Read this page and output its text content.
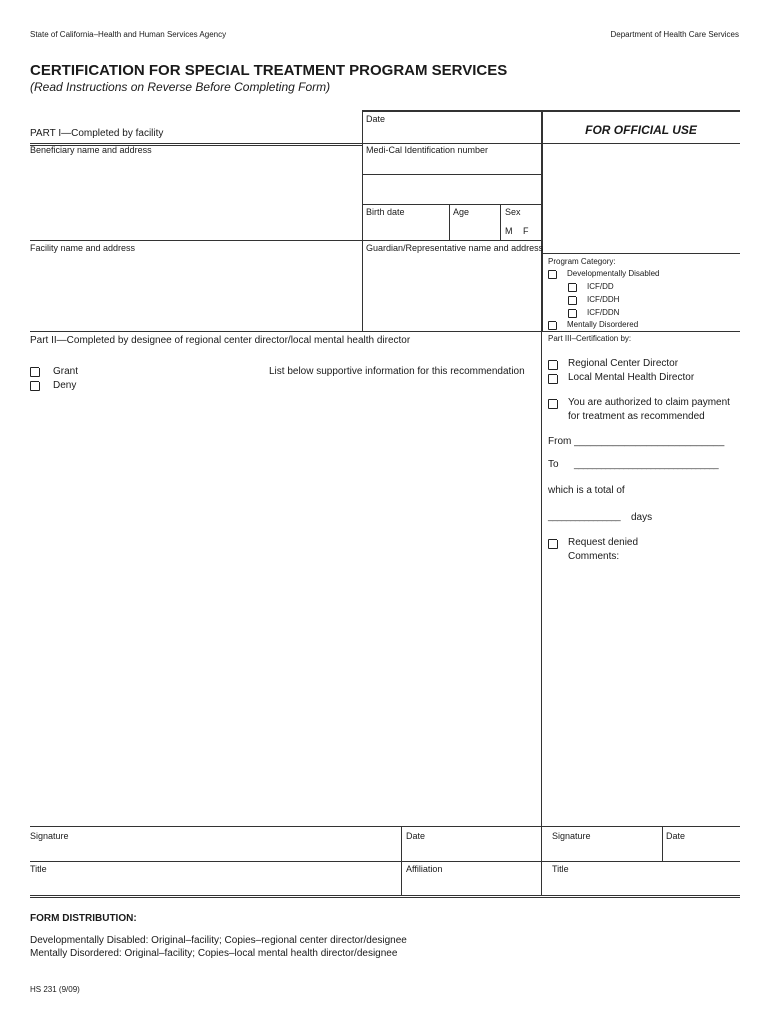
State of California–Health and Human Services Agency	Department of Health Care Services
CERTIFICATION FOR SPECIAL TREATMENT PROGRAM SERVICES
(Read Instructions on Reverse Before Completing Form)
Date
PART I—Completed by facility
Beneficiary name and address	Medi-Cal Identification number
Birth date	Age	Sex
M F
Facility name and address	Guardian/Representative name and address
FOR OFFICIAL USE
Program Category:
Developmentally Disabled
ICF/DD
ICF/DDH
ICF/DDN
Mentally Disordered
Part II—Completed by designee of regional center director/local mental health director
Grant
Deny
List below supportive information for this recommendation
Part III–Certification by:
Regional Center Director
Local Mental Health Director
You are authorized to claim payment
for treatment as recommended
From ___________________________
To ________________________________
which is a total of
________________ days
Request denied
Comments:
Signature	Date
Title	Affiliation
Signature	Date
Title
FORM DISTRIBUTION:
Developmentally Disabled: Original–facility; Copies–regional center director/designee
Mentally Disordered: Original–facility; Copies–local mental health director/designee
HS 231 (9/09)
